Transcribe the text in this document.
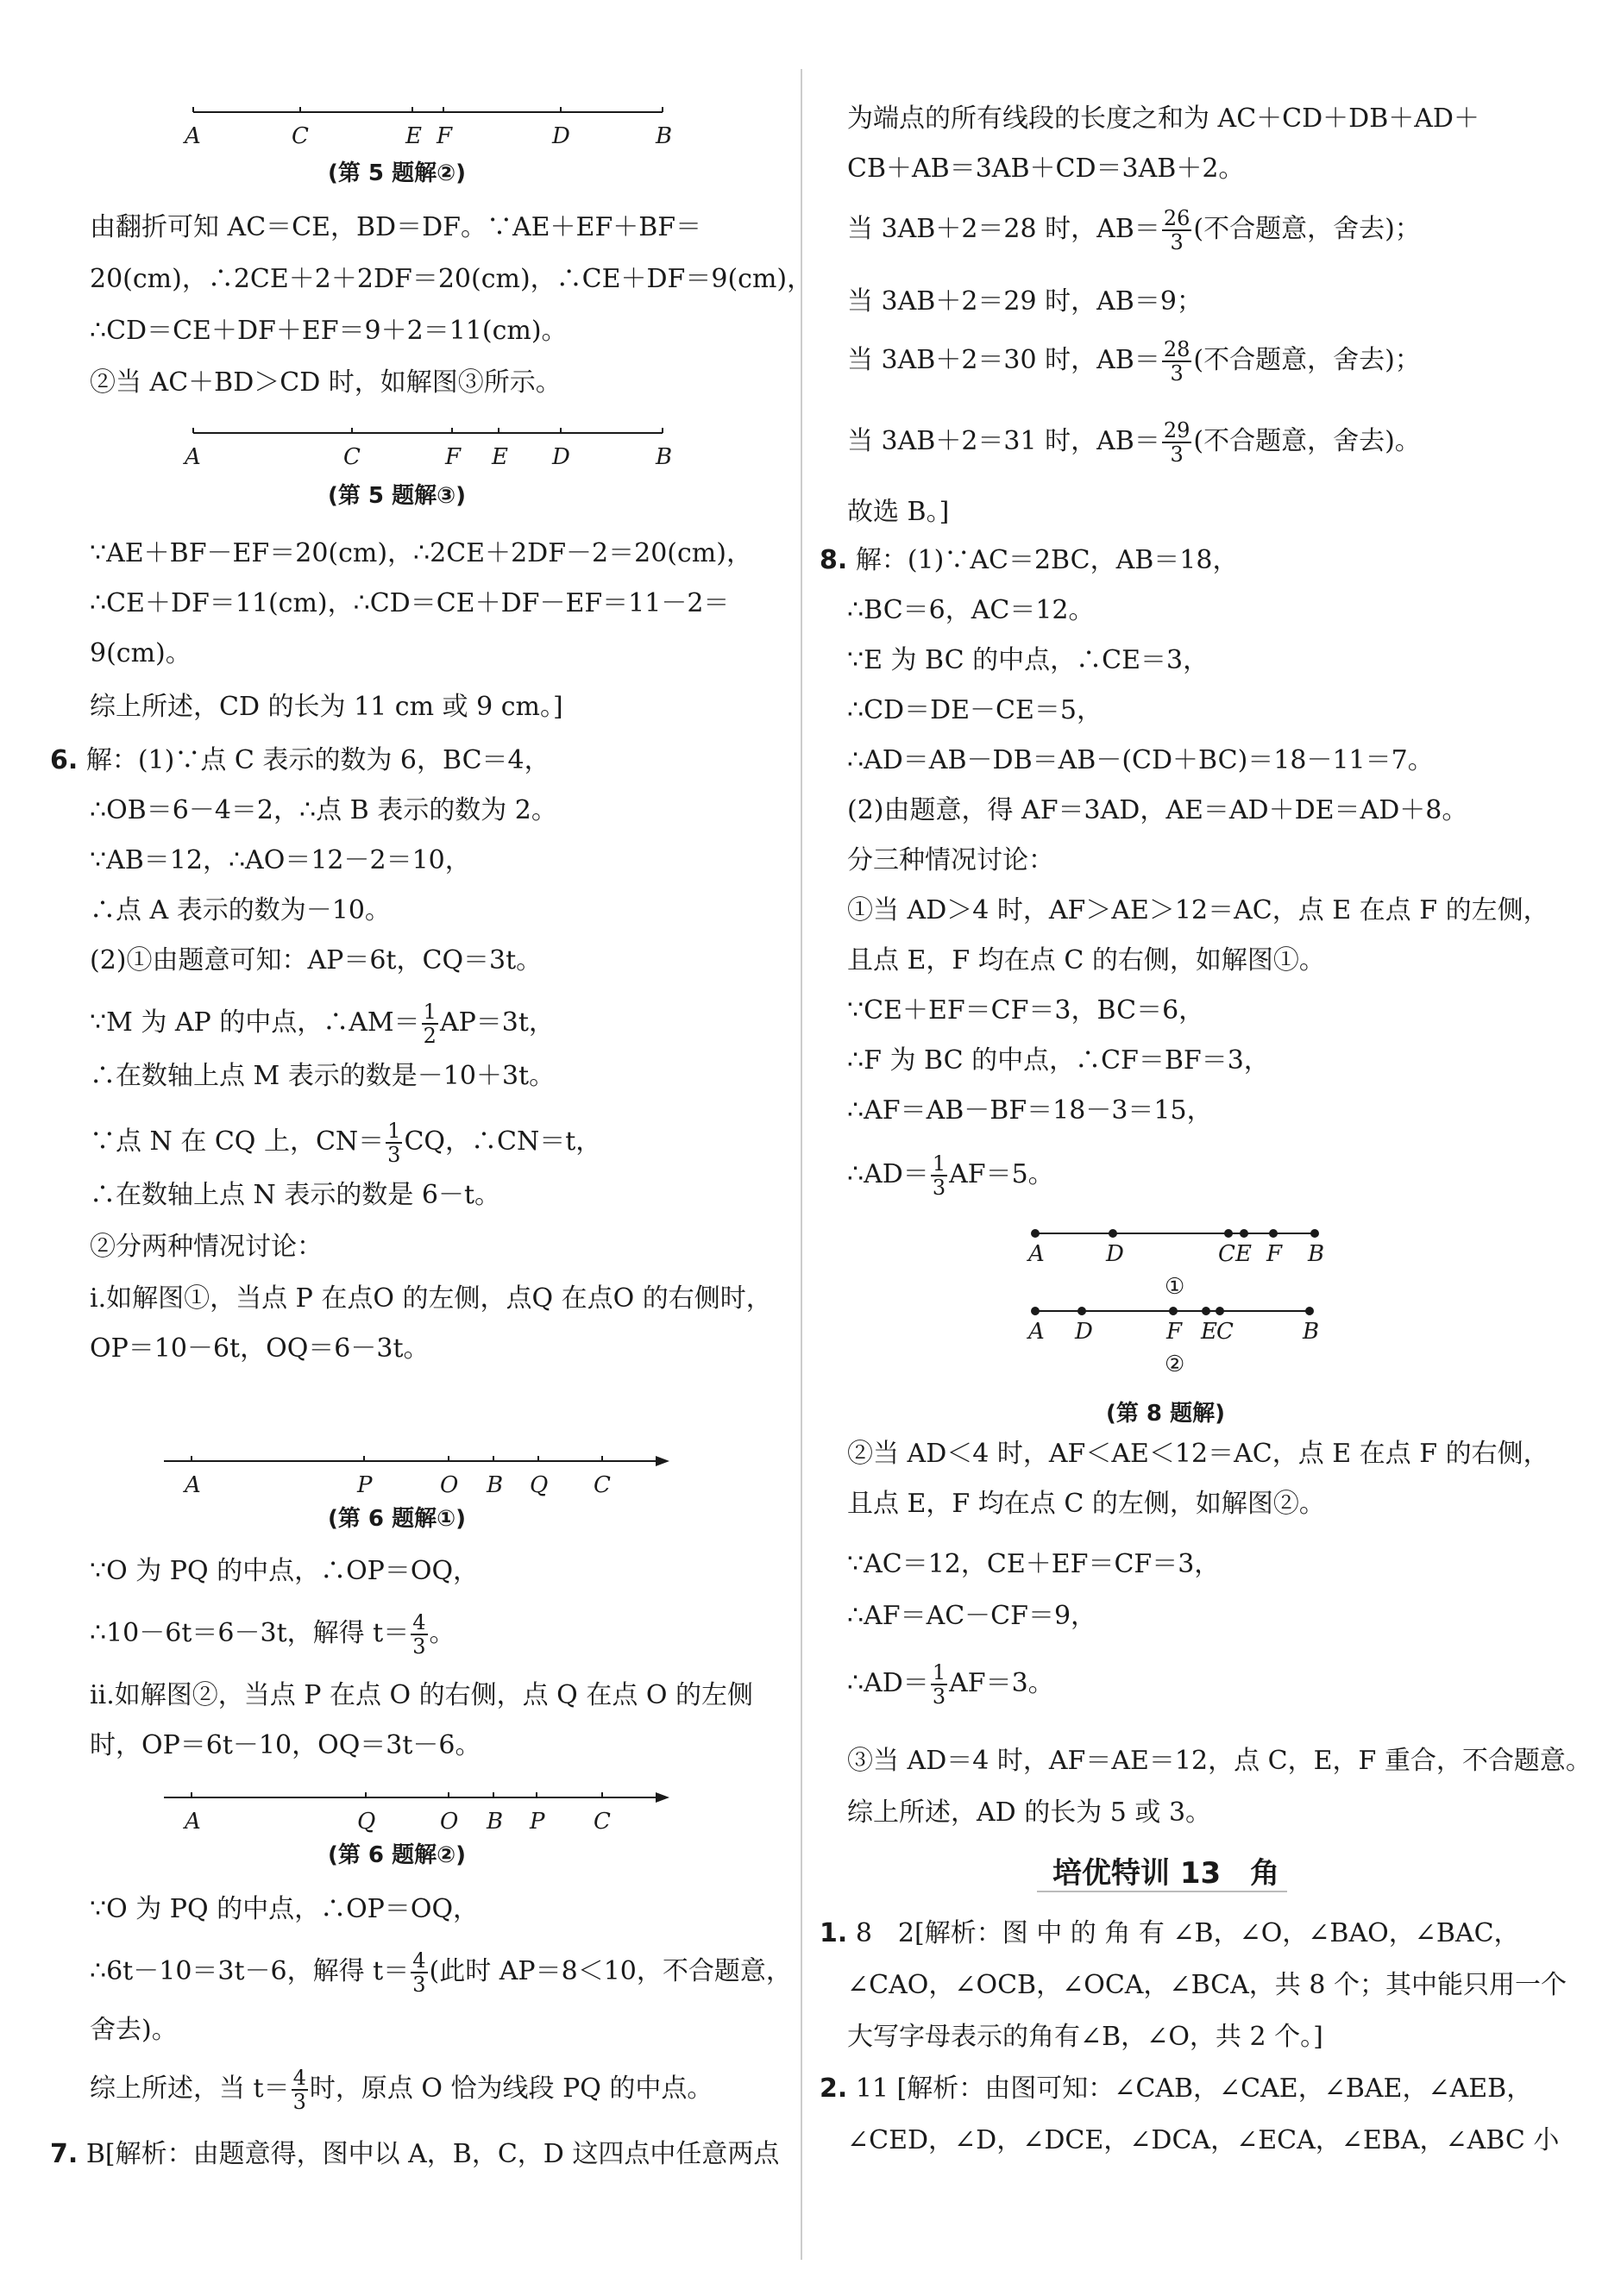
A	C	E F	D	B
(第 5 题解②)
由翻折可知 AC＝CE，BD＝DF。∵AE＋EF＋BF＝
20(cm)，∴2CE＋2＋2DF＝20(cm)，∴CE＋DF＝9(cm)，
∴CD＝CE＋DF＋EF＝9＋2＝11(cm)。
②当 AC＋BD＞CD 时，如解图③所示。
A	C	F E D	B
(第 5 题解③)
∵AE＋BF－EF＝20(cm)，∴2CE＋2DF－2＝20(cm)，
∴CE＋DF＝11(cm)，∴CD＝CE＋DF－EF＝11－2＝
9(cm)。
综上所述，CD 的长为 11 cm 或 9 cm。]
6. 解：(1)∵点 C 表示的数为 6，BC＝4，
∴OB＝6－4＝2，∴点 B 表示的数为 2。
∵AB＝12，∴AO＝12－2＝10，
∴点 A 表示的数为－10。
(2)①由题意可知：AP＝6t，CQ＝3t。
∵M 为 AP 的中点，∴AM＝ $\frac{1}{2} AP=3t$，
∴在数轴上点 M 表示的数是－10＋3t。
∵点 N 在 CQ 上，$CN= \frac{1}{3}$ CQ，∴CN＝t，
∴在数轴上点 N 表示的数是 6－t。
②分两种情况讨论：
ⅰ.如解图①，当点 P 在点O 的左侧，点Q 在点O 的右侧时，
OP＝10－6t，OQ＝6－3t。
A	P	O B Q C
(第 6 题解①)
∵O 为 PQ 的中点，∴OP＝OQ，
∴10－6t＝6－3t，解得 $t= \frac{4}{3}$ 。
ⅱ.如解图②，当点 P 在点 O 的右侧，点 Q 在点 O 的左侧
时，OP＝6t－10，OQ＝3t－6。
A	Q	O B P C
(第 6 题解②)
∵O 为 PQ 的中点，∴OP＝OQ，
∴6t－10＝3t－6，解得 $t= \frac{4}{3}$ (此时 AP＝8＜10，不合题意，
舍去)。
综上所述，当 $t= \frac{4}{3}$ 时，原点 O 恰为线段 PQ 的中点。
7. B[解析：由题意得，图中以 A，B，C，D 这四点中任意两点
为端点的所有线段的长度之和为 AC＋CD＋DB＋AD＋
CB＋AB＝3AB＋CD＝3AB＋2。
当 3AB＋2＝28 时，$AB= \frac{26}{3}$ (不合题意，舍去)；
当 3AB＋2＝29 时，AB＝9；
当 3AB＋2＝30 时，$AB= \frac{28}{3}$ (不合题意，舍去)；
当 3AB＋2＝31 时，$AB= \frac{29}{3}$ (不合题意，舍去)。
故选 B。]
8. 解：(1)∵AC＝2BC，AB＝18，
∴BC＝6，AC＝12。
∵E 为 BC 的中点，∴CE＝3，
∴CD＝DE－CE＝5，
∴AD＝AB－DB＝AB－(CD＋BC)＝18－11＝7。
(2)由题意，得 AF＝3AD，AE＝AD＋DE＝AD＋8。
分三种情况讨论：
①当 AD＞4 时，AF＞AE＞12＝AC，点 E 在点 F 的左侧，
且点 E，F 均在点 C 的右侧，如解图①。
∵CE＋EF＝CF＝3，BC＝6，
∴F 为 BC 的中点，∴CF＝BF＝3，
∴AF＝AB－BF＝18－3＝15，
∴AD＝ $\frac{1}{3} AF=5$。
A	D	C E F B
①
A D	F E C	B
②
(第 8 题解)
②当 AD＜4 时，AF＜AE＜12＝AC，点 E 在点 F 的右侧，
且点 E，F 均在点 C 的左侧，如解图②。
∵AC＝12，CE＋EF＝CF＝3，
∴AF＝AC－CF＝9，
∴AD＝ $\frac{1}{3} AF=3$。
③当 AD＝4 时，AF＝AE＝12，点 C，E，F 重合，不合题意。
综上所述，AD 的长为 5 或 3。
培优特训 13　角
1. 8　2[解析：图 中 的 角 有 ∠B，∠O，∠BAO，∠BAC，
∠CAO，∠OCB，∠OCA，∠BCA，共 8 个；其中能只用一个
大写字母表示的角有∠B，∠O，共 2 个。]
2. 11 [解析：由图可知：∠CAB，∠CAE，∠BAE，∠AEB，
∠CED，∠D，∠DCE，∠DCA，∠ECA，∠EBA，∠ABC 小
